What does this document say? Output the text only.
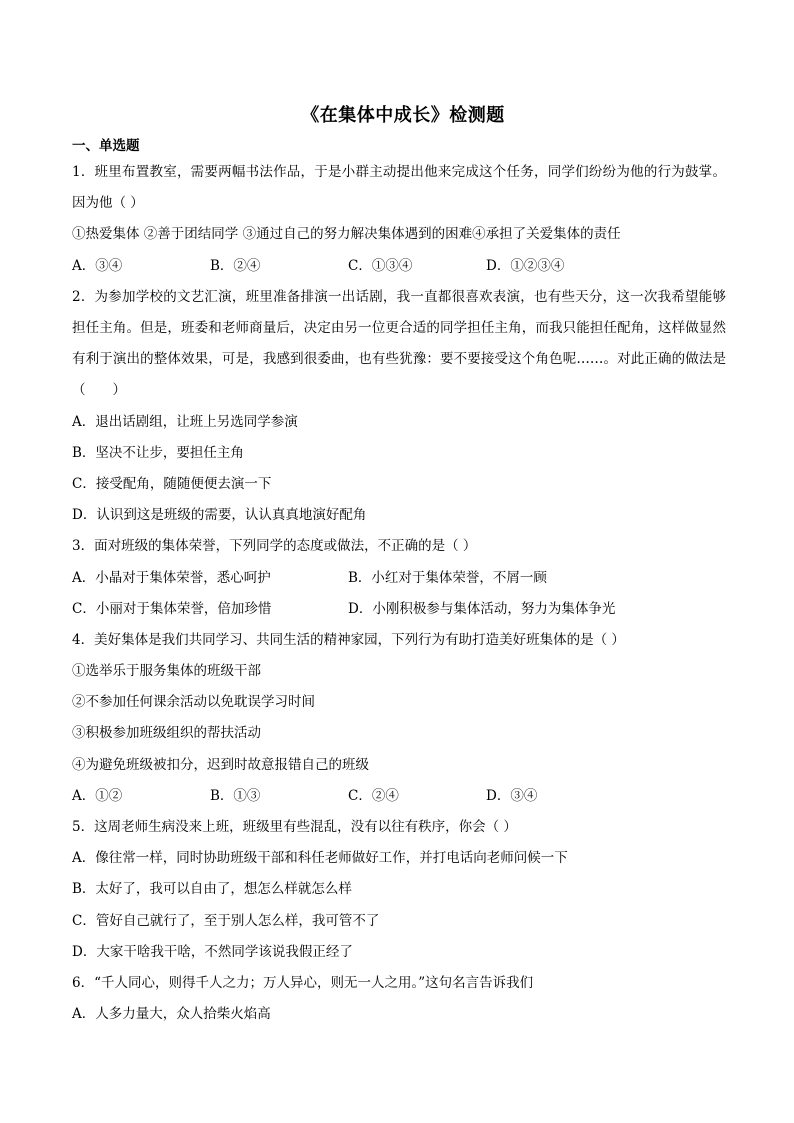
《在集体中成长》检测题
一、单选题
1．班里布置教室，需要两幅书法作品，于是小群主动提出他来完成这个任务，同学们纷纷为他的行为鼓掌。因为他（ ）
①热爱集体 ②善于团结同学 ③通过自己的努力解决集体遇到的困难④承担了关爱集体的责任
A．③④	B．②④	C．①③④	D．①②③④
2．为参加学校的文艺汇演，班里准备排演一出话剧，我一直都很喜欢表演，也有些天分，这一次我希望能够担任主角。但是，班委和老师商量后，决定由另一位更合适的同学担任主角，而我只能担任配角，这样做显然有利于演出的整体效果，可是，我感到很委曲，也有些犹豫：要不要接受这个角色呢……。对此正确的做法是（　　）
A．退出话剧组，让班上另选同学参演
B．坚决不让步，要担任主角
C．接受配角，随随便便去演一下
D．认识到这是班级的需要，认认真真地演好配角
3．面对班级的集体荣誉，下列同学的态度或做法，不正确的是（ ）
A．小晶对于集体荣誉，悉心呵护	B．小红对于集体荣誉，不屑一顾
C．小丽对于集体荣誉，倍加珍惜	D．小刚积极参与集体活动，努力为集体争光
4．美好集体是我们共同学习、共同生活的精神家园，下列行为有助打造美好班集体的是（ ）
①选举乐于服务集体的班级干部
②不参加任何课余活动以免耽误学习时间
③积极参加班级组织的帮扶活动
④为避免班级被扣分，迟到时故意报错自己的班级
A．①②	B．①③	C．②④	D．③④
5．这周老师生病没来上班，班级里有些混乱，没有以往有秩序，你会（ ）
A．像往常一样，同时协助班级干部和科任老师做好工作，并打电话向老师问候一下
B．太好了，我可以自由了，想怎么样就怎么样
C．管好自己就行了，至于别人怎么样，我可管不了
D．大家干啥我干啥，不然同学该说我假正经了
6．“千人同心，则得千人之力；万人异心，则无一人之用。”这句名言告诉我们
A．人多力量大，众人拾柴火焰高
